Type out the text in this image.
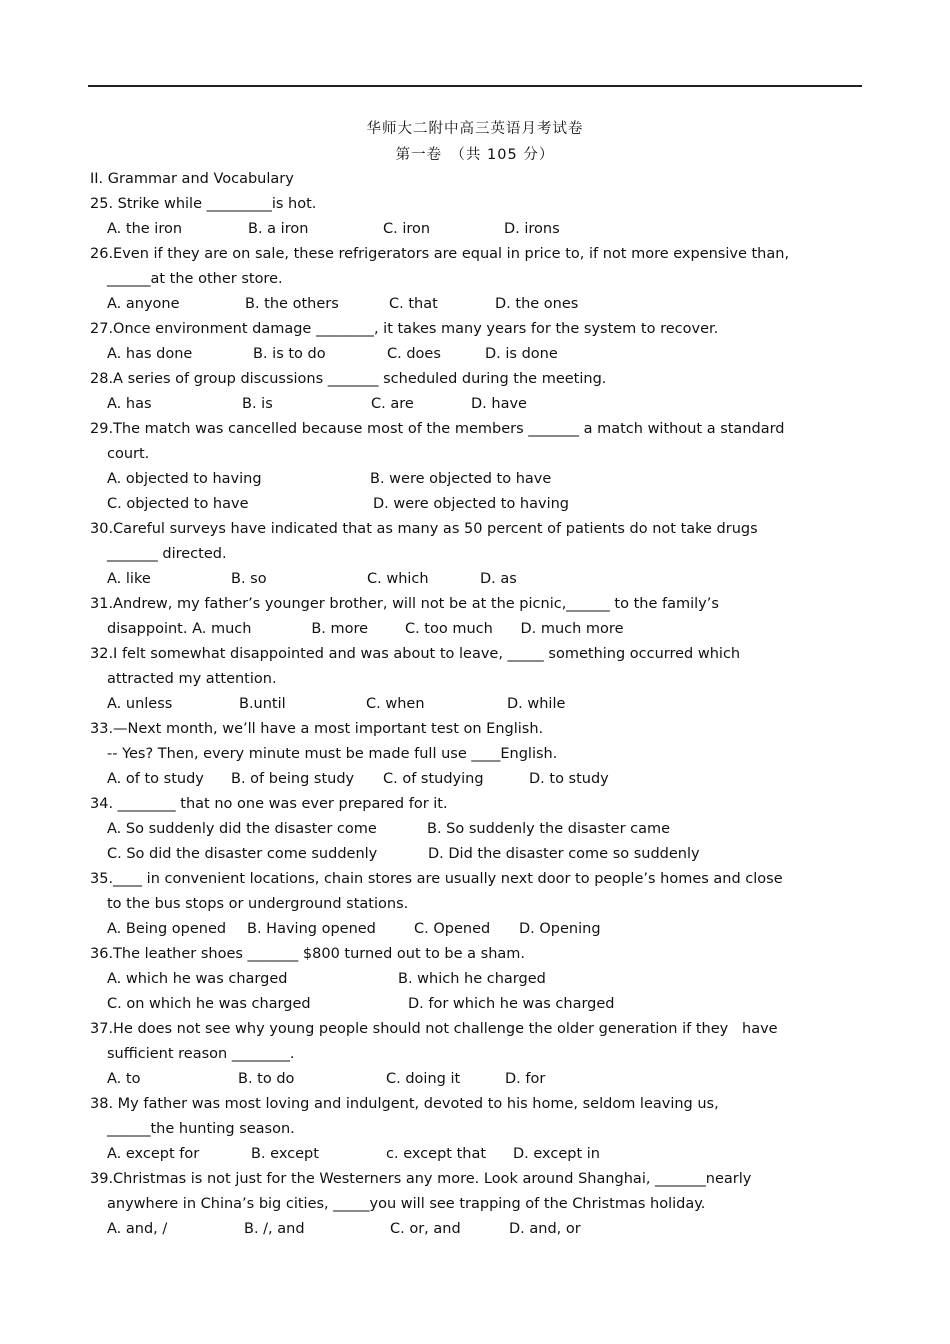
华师大二附中高三英语月考试卷
第一卷　（共 105 分）
II. Grammar and Vocabulary
25. Strike while _________is hot.
A. the iron	B. a iron	C. iron	D. irons
26.Even if they are on sale, these refrigerators are equal in price to, if not more expensive than,
______at the other store.
A. anyone	B. the others	C. that	D. the ones
27.Once environment damage ________, it takes many years for the system to recover.
A. has done	B. is to do	C. does	D. is done
28.A series of group discussions _______ scheduled during the meeting.
A. has	B. is	C. are	D. have
29.The match was cancelled because most of the members _______ a match without a standard
court.
A. objected to having	B. were objected to have
C. objected to have	D. were objected to having
30.Careful surveys have indicated that as many as 50 percent of patients do not take drugs
_______ directed.
A. like	B. so	C. which	D. as
31.Andrew, my father’s younger brother, will not be at the picnic,______ to the family’s
disappoint. A. much             B. more        C. too much      D. much more
32.I felt somewhat disappointed and was about to leave, _____ something occurred which
attracted my attention.
A. unless	B.until	C. when	D. while
33.—Next month, we’ll have a most important test on English.
-- Yes? Then, every minute must be made full use ____English.
A. of to study	B. of being study	C. of studying	D. to study
34. ________ that no one was ever prepared for it.
A. So suddenly did the disaster come	B. So suddenly the disaster came
C. So did the disaster come suddenly	D. Did the disaster come so suddenly
35.____ in convenient locations, chain stores are usually next door to people’s homes and close
to the bus stops or underground stations.
A. Being opened	B. Having opened	C. Opened	D. Opening
36.The leather shoes _______ $800 turned out to be a sham.
A. which he was charged	B. which he charged
C. on which he was charged	D. for which he was charged
37.He does not see why young people should not challenge the older generation if they   have
sufficient reason ________.
A. to	B. to do	C. doing it	D. for
38. My father was most loving and indulgent, devoted to his home, seldom leaving us,
______the hunting season.
A. except for	B. except	c. except that	D. except in
39.Christmas is not just for the Westerners any more. Look around Shanghai, _______nearly
anywhere in China’s big cities, _____you will see trapping of the Christmas holiday.
A. and, /	B. /, and	C. or, and	D. and, or
